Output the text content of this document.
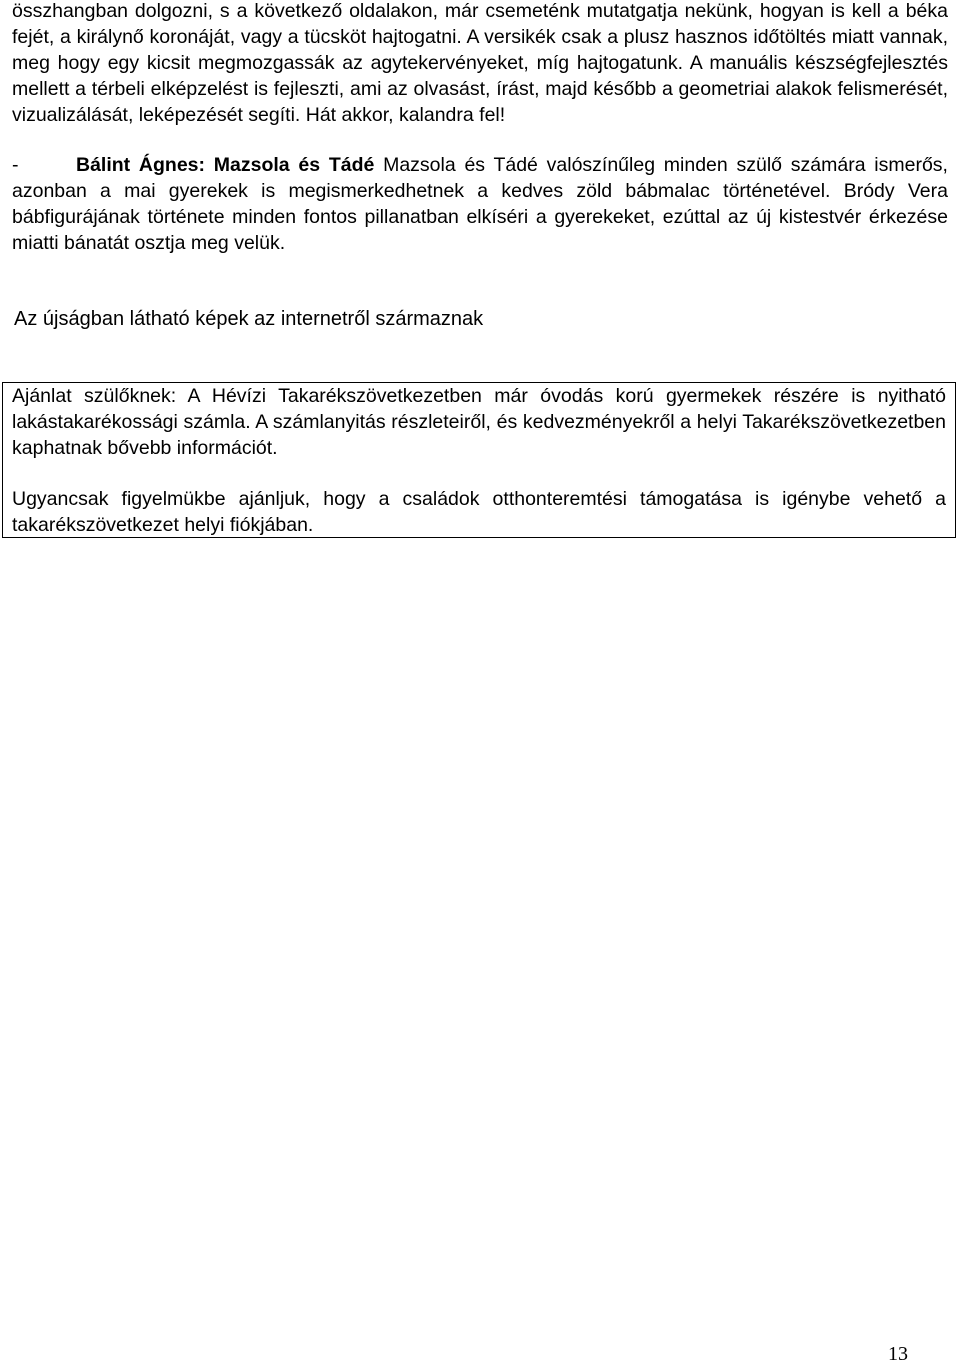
összhangban dolgozni, s a következő oldalakon, már csemeténk mutatgatja nekünk, hogyan is kell a béka fejét, a királynő koronáját, vagy a tücsköt hajtogatni. A versikék csak a plusz hasznos időtöltés miatt vannak, meg hogy egy kicsit megmozgassák az agytekervényeket, míg hajtogatunk. A manuális készségfejlesztés mellett a térbeli elképzelést is fejleszti, ami az olvasást, írást, majd később a geometriai alakok felismerését, vizualizálását, leképezését segíti. Hát akkor, kalandra fel!

-	Bálint Ágnes: Mazsola és Tádé Mazsola és Tádé valószínűleg minden szülő számára ismerős, azonban a mai gyerekek is megismerkedhetnek a kedves zöld bábmalac történetével. Bródy Vera bábfigurájának története minden fontos pillanatban elkíséri a gyerekeket, ezúttal az új kistestvér érkezése miatti bánatát osztja meg velük.

Az újságban látható képek az internetről származnak

Ajánlat szülőknek: A Hévízi Takarékszövetkezetben már óvodás korú gyermekek részére is nyitható lakástakarékossági számla. A számlanyitás részleteiről, és kedvezményekről a helyi Takarékszövetkezetben kaphatnak bővebb információt.

Ugyancsak figyelmükbe ajánljuk, hogy a családok otthonteremtési támogatása is igénybe vehető a takarékszövetkezet helyi fiókjában.

13
